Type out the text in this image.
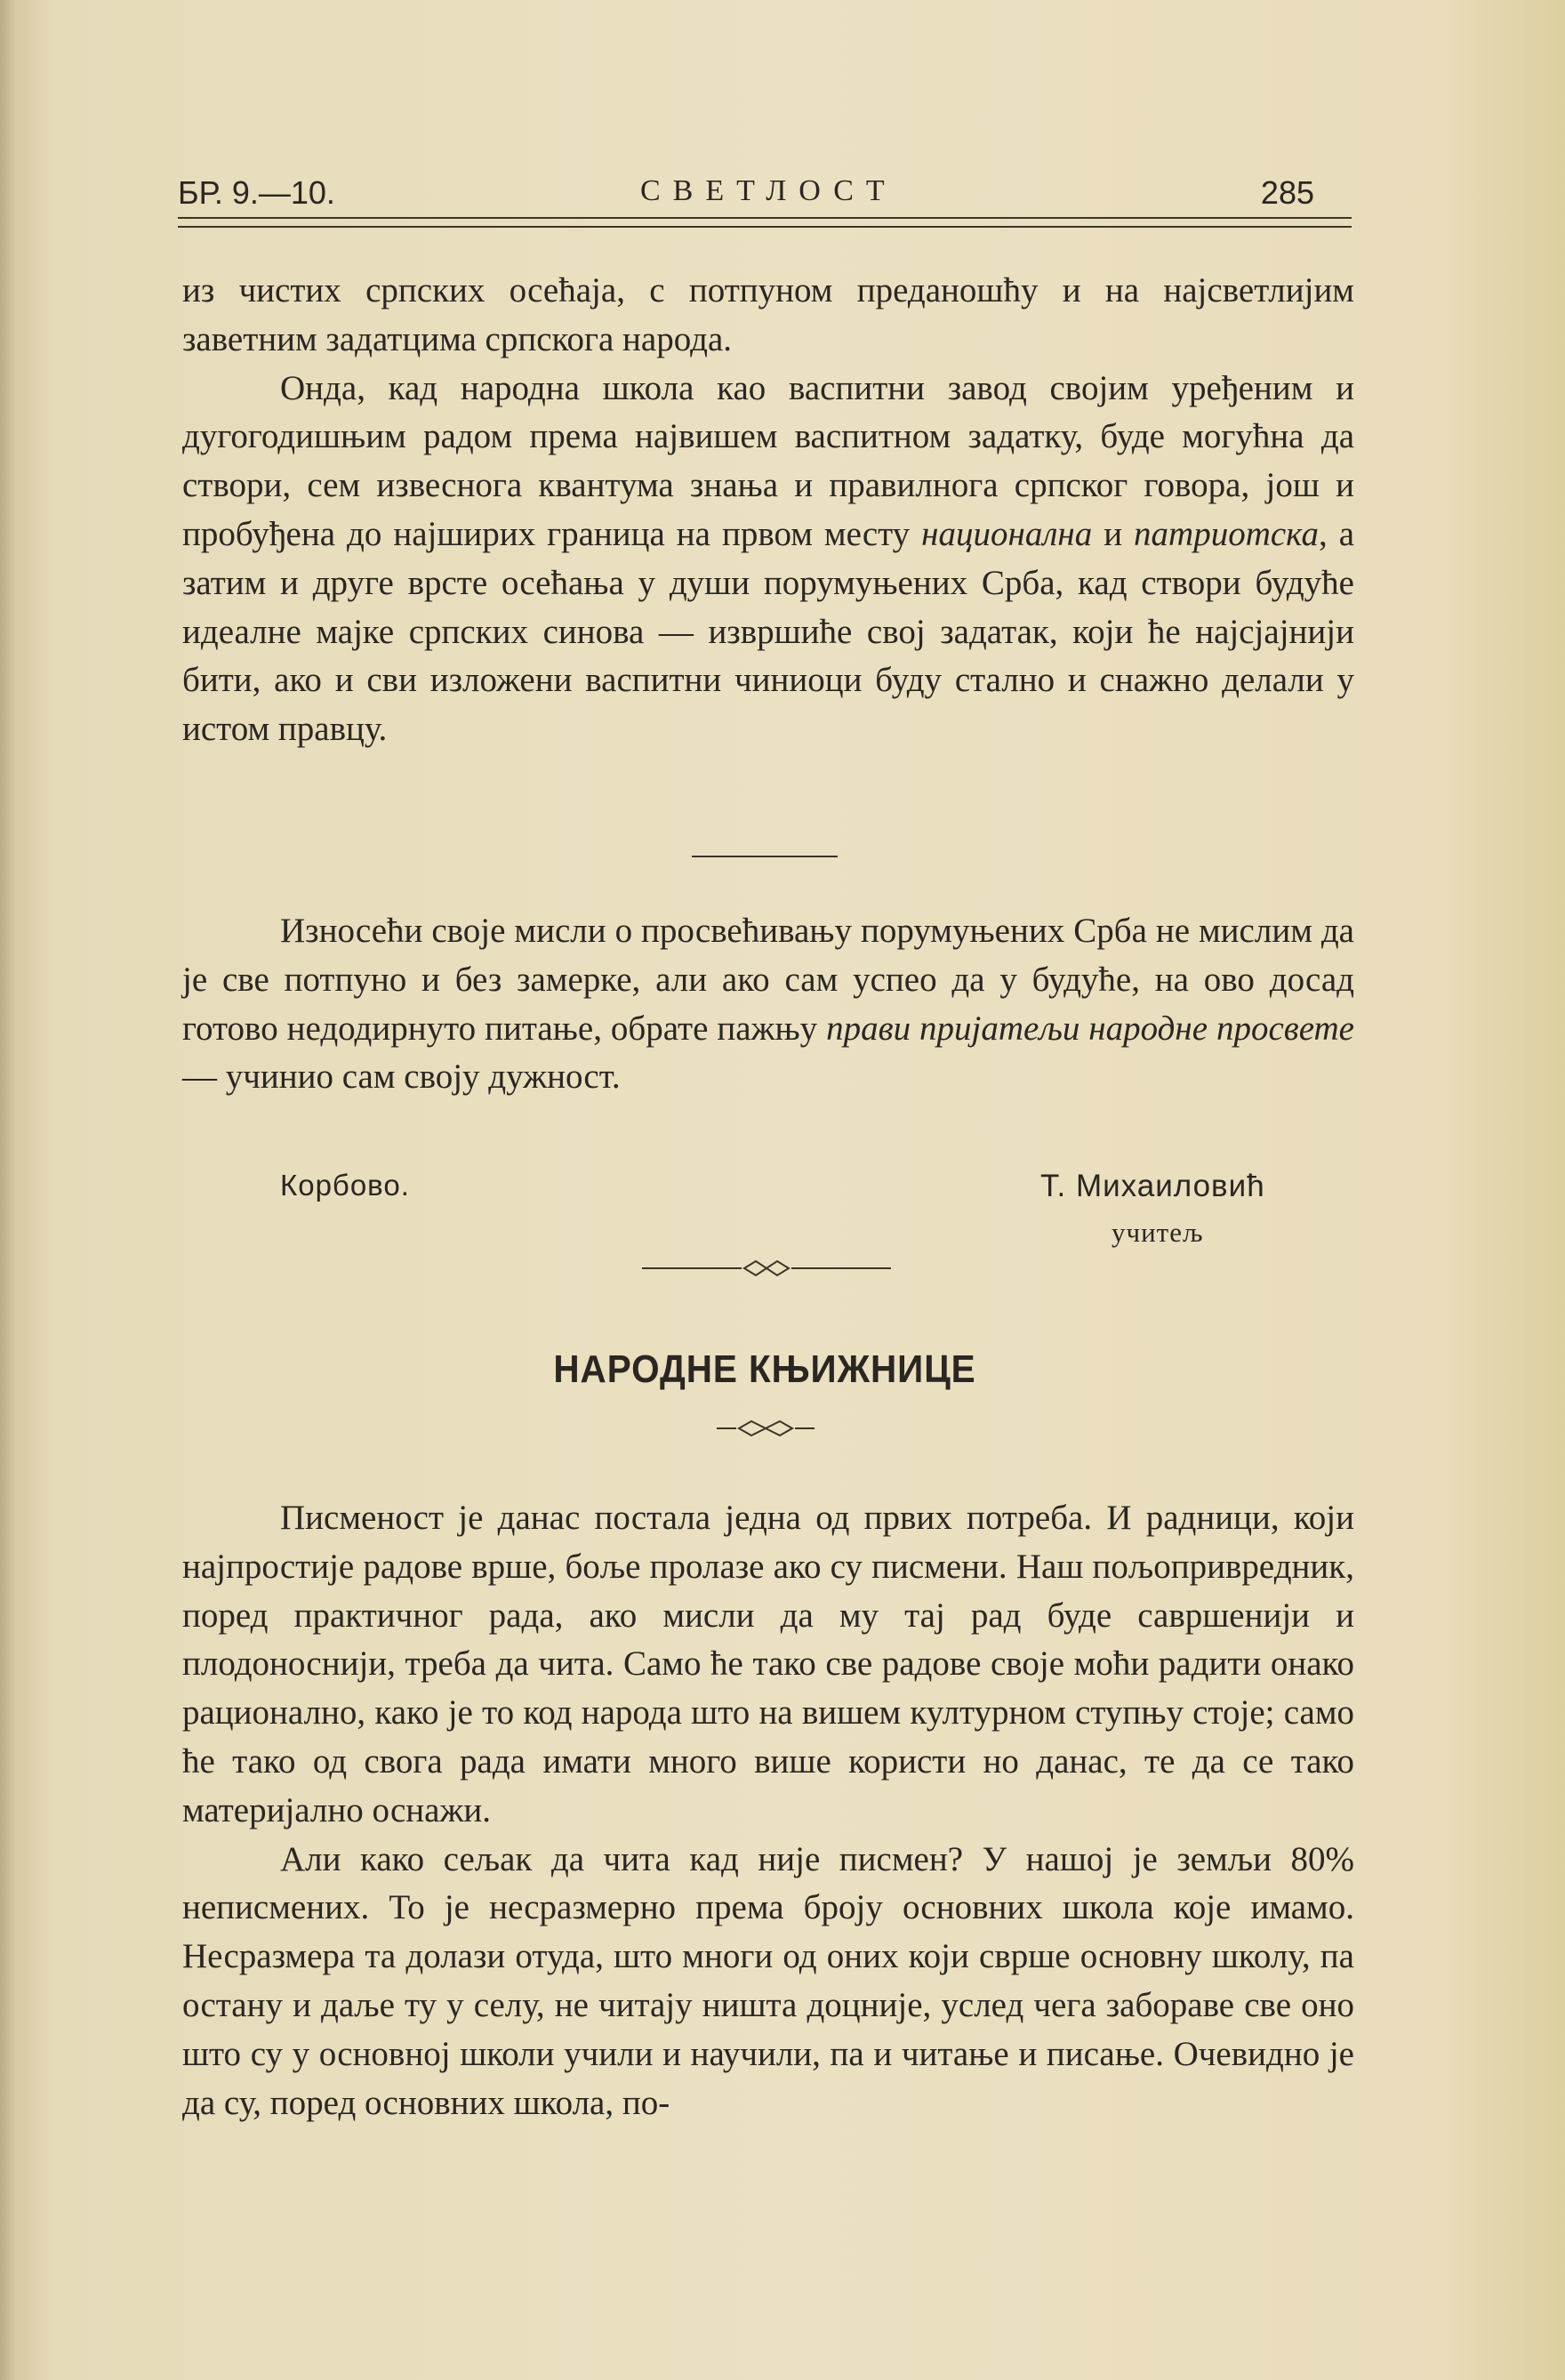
БР. 9.—10.	СВЕТЛОСТ	285

из чистих српских осећаја, с потпуном преданошћу и на најсветлијим заветним задатцима српскога народа.

Онда, кад народна школа као васпитни завод својим уређеним и дугогодишњим радом према највишем васпитном задатку, буде могућна да створи, сем извеснога квантума знања и правилнога српског говора, још и пробуђена до најширих граница на првом месту национална и патриотска, а затим и друге врсте осећања у души порумуњених Срба, кад створи будуће идеалне мајке српских синова — извршиће свој задатак, који ће најсјајнији бити, ако и сви изложени васпитни чиниоци буду стално и снажно делали у истом правцу.

Износећи своје мисли о просвећивању порумуњених Срба не мислим да је све потпуно и без замерке, али ако сам успео да у будуће, на ово досад готово недодирнуто питање, обрате пажњу прави пријатељи народне просвете — учинио сам своју дужност.

Корбово.	Т. Михаиловић
учитељ
НАРОДНЕ КЊИЖНИЦЕ

Писменост је данас постала једна од првих потреба. И радници, који најпростије радове врше, боље пролазе ако су писмени. Наш пољопривредник, поред практичног рада, ако мисли да му тај рад буде савршенији и плодоноснији, треба да чита. Само ће тако све радове своје моћи радити онако рационално, како је то код народа што на вишем културном ступњу стоје; само ће тако од свога рада имати много више користи но данас, те да се тако материјално оснажи.

Али како сељак да чита кад није писмен? У нашој је земљи 80% неписмених. То је несразмерно према броју основних школа које имамо. Несразмера та долази отуда, што многи од оних који сврше основну школу, па остану и даље ту у селу, не читају ништа доцније, услед чега забораве све оно што су у основној школи учили и научили, па и читање и писање. Очевидно је да су, поред основних школа, по-
